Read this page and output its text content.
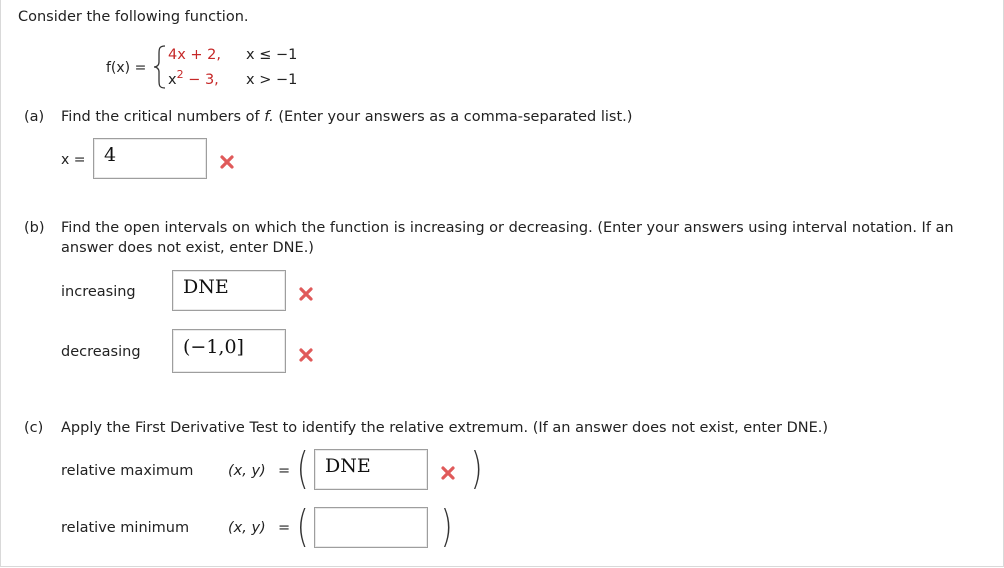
Consider the following function.
f(x) =
4x + 2, x ≤ −1
$x^2 - 3$, x > −1
(a) Find the critical numbers of f. (Enter your answers as a comma-separated list.)
x = 4
(b) Find the open intervals on which the function is increasing or decreasing. (Enter your answers using interval notation. If an
answer does not exist, enter DNE.)
increasing DNE
decreasing (−1,0]
(c) Apply the First Derivative Test to identify the relative extremum. (If an answer does not exist, enter DNE.)
relative maximum (x, y) = ( DNE )
relative minimum	(x, y) = (	)
